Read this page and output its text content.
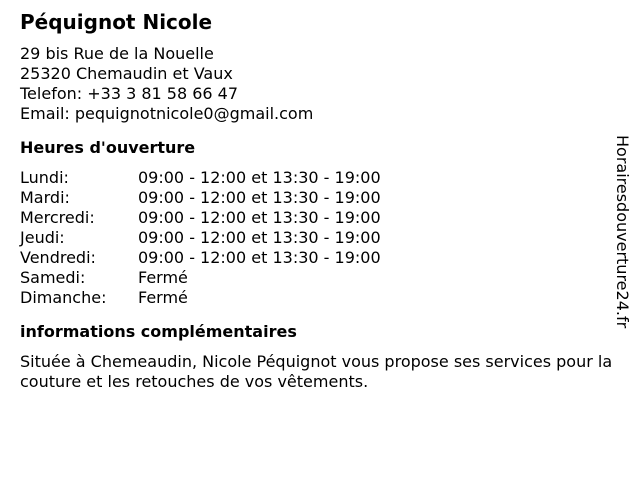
Péquignot Nicole
29 bis Rue de la Nouelle
25320 Chemaudin et Vaux
Telefon: +33 3 81 58 66 47
Email: pequignotnicole0@gmail.com
Heures d'ouverture
Lundi:	09:00 - 12:00 et 13:30 - 19:00
Mardi:	09:00 - 12:00 et 13:30 - 19:00
Mercredi:	09:00 - 12:00 et 13:30 - 19:00
Jeudi:	09:00 - 12:00 et 13:30 - 19:00
Vendredi:	09:00 - 12:00 et 13:30 - 19:00
Samedi:	Fermé
Dimanche:	Fermé
informations complémentaires
Située à Chemeaudin, Nicole Péquignot vous propose ses services pour la couture et les retouches de vos vêtements.
Horairesdouverture24.fr
